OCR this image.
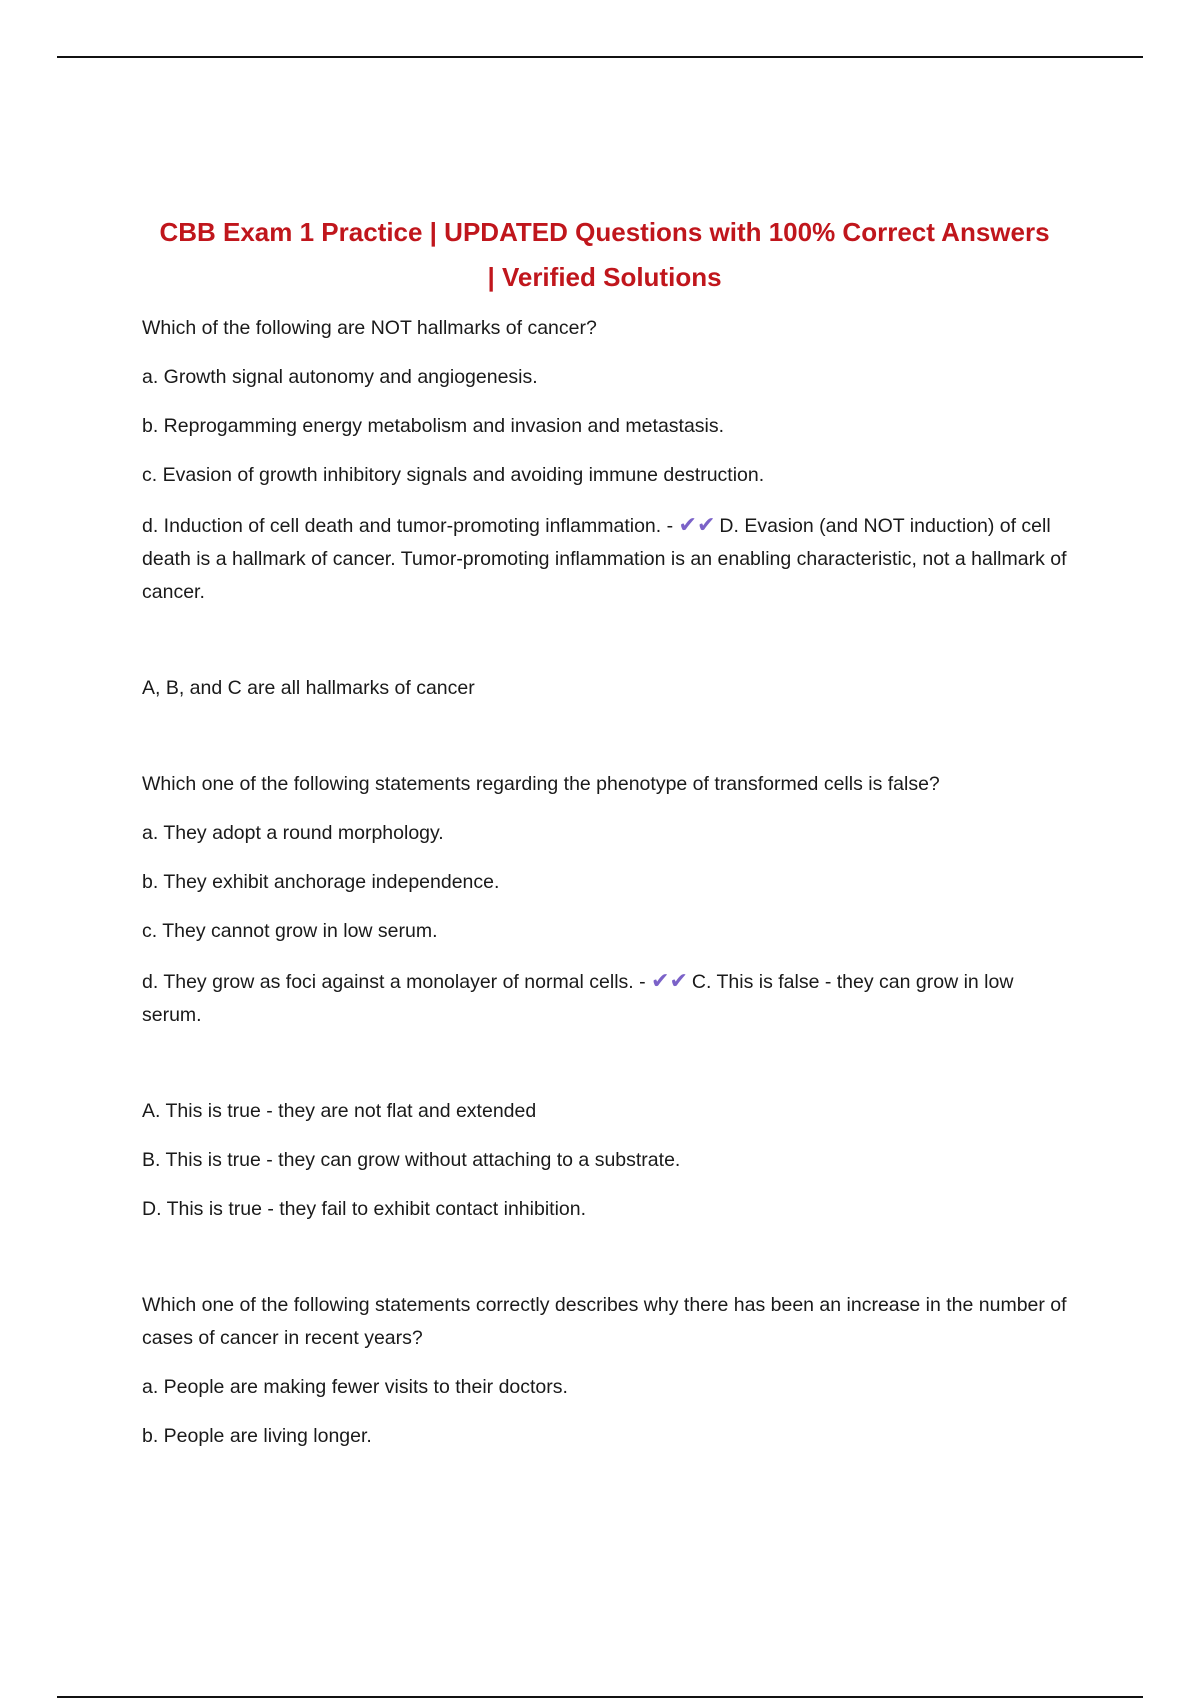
CBB Exam 1 Practice | UPDATED Questions with 100% Correct Answers
| Verified Solutions

Which of the following are NOT hallmarks of cancer?

a. Growth signal autonomy and angiogenesis.

b. Reprogamming energy metabolism and invasion and metastasis.

c. Evasion of growth inhibitory signals and avoiding immune destruction.

d. Induction of cell death and tumor-promoting inflammation. - ✔✔ D. Evasion (and NOT induction) of cell death is a hallmark of cancer. Tumor-promoting inflammation is an enabling characteristic, not a hallmark of cancer.

A, B, and C are all hallmarks of cancer

Which one of the following statements regarding the phenotype of transformed cells is false?

a. They adopt a round morphology.

b. They exhibit anchorage independence.

c. They cannot grow in low serum.

d. They grow as foci against a monolayer of normal cells. - ✔✔ C. This is false - they can grow in low serum.

A. This is true - they are not flat and extended

B. This is true - they can grow without attaching to a substrate.

D. This is true - they fail to exhibit contact inhibition.

Which one of the following statements correctly describes why there has been an increase in the number of cases of cancer in recent years?

a. People are making fewer visits to their doctors.

b. People are living longer.
